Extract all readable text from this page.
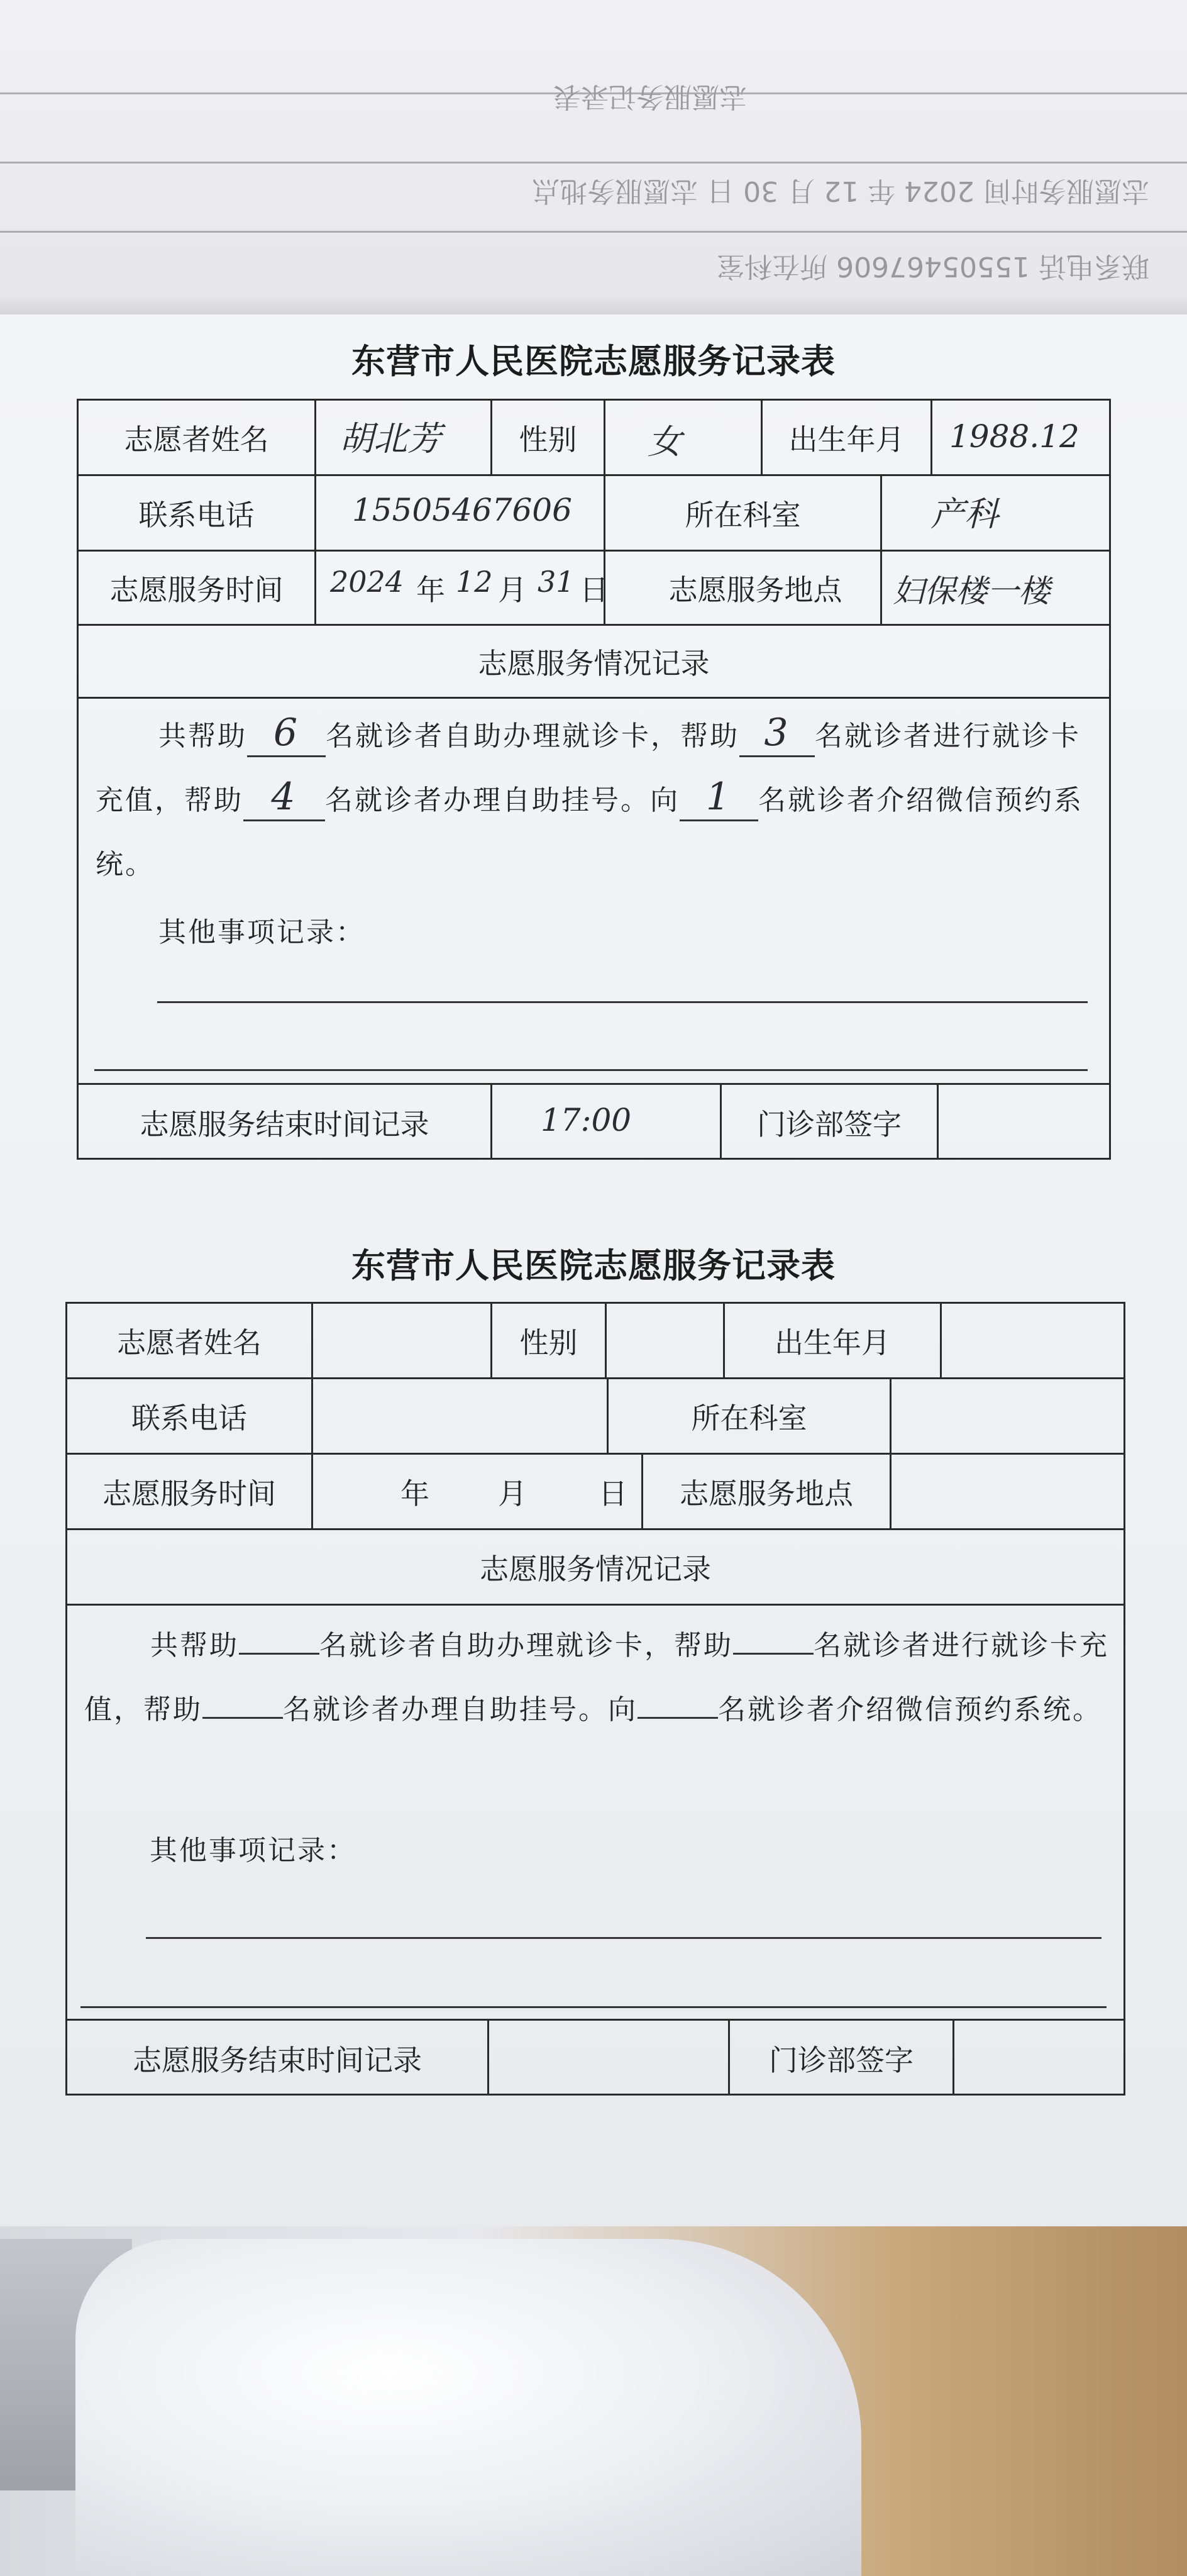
志愿服务记录表
志愿服务时间 2024 年 12 月 30 日 志愿服务地点
联系电话 15505467606 所在科室
东营市人民医院志愿服务记录表
志愿者姓名	胡北芳	性别	女	出生年月	1988.12
联系电话	15505467606	所在科室	产科
志愿服务时间	2024 年 12 月 31 日	志愿服务地点	妇保楼一楼
志愿服务情况记录
共帮助 6 名就诊者自助办理就诊卡，帮助 3 名就诊者进行就诊卡充值，帮助 4 名就诊者办理自助挂号。向 1 名就诊者介绍微信预约系统。
其他事项记录：
志愿服务结束时间记录	17:00	门诊部签字
东营市人民医院志愿服务记录表
志愿者姓名	性别	出生年月
联系电话	所在科室
志愿服务时间	年 月 日	志愿服务地点
志愿服务情况记录
共帮助	名就诊者自助办理就诊卡，帮助	名就诊者进行就诊卡充值，帮助	名就诊者办理自助挂号。向	名就诊者介绍微信预约系统。
其他事项记录：
志愿服务结束时间记录	门诊部签字
